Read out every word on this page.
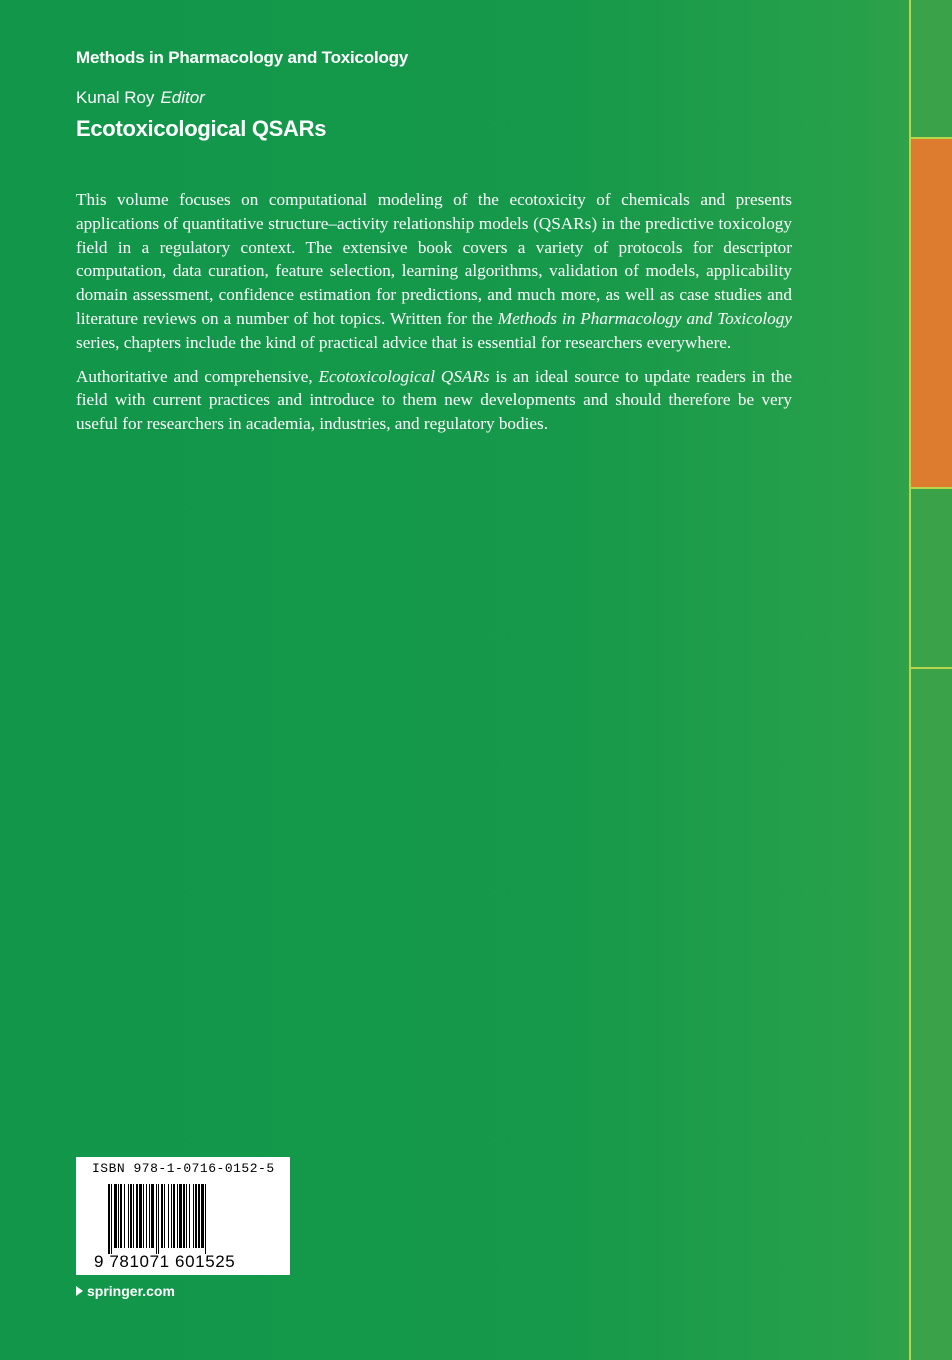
Methods in Pharmacology and Toxicology
Kunal Roy Editor
Ecotoxicological QSARs

This volume focuses on computational modeling of the ecotoxicity of chemicals and presents applications of quantitative structure–activity relationship models (QSARs) in the predictive toxicology field in a regulatory context. The extensive book covers a variety of protocols for descriptor computation, data curation, feature selection, learning algorithms, validation of models, applicability domain assessment, confidence estimation for predictions, and much more, as well as case studies and literature reviews on a number of hot topics. Written for the Methods in Pharmacology and Toxicology series, chapters include the kind of practical advice that is essential for researchers everywhere.

Authoritative and comprehensive, Ecotoxicological QSARs is an ideal source to update readers in the field with current practices and introduce to them new developments and should therefore be very useful for researchers in academia, industries, and regulatory bodies.

ISBN 978-1-0716-0152-5
9 781071 601525
springer.com
